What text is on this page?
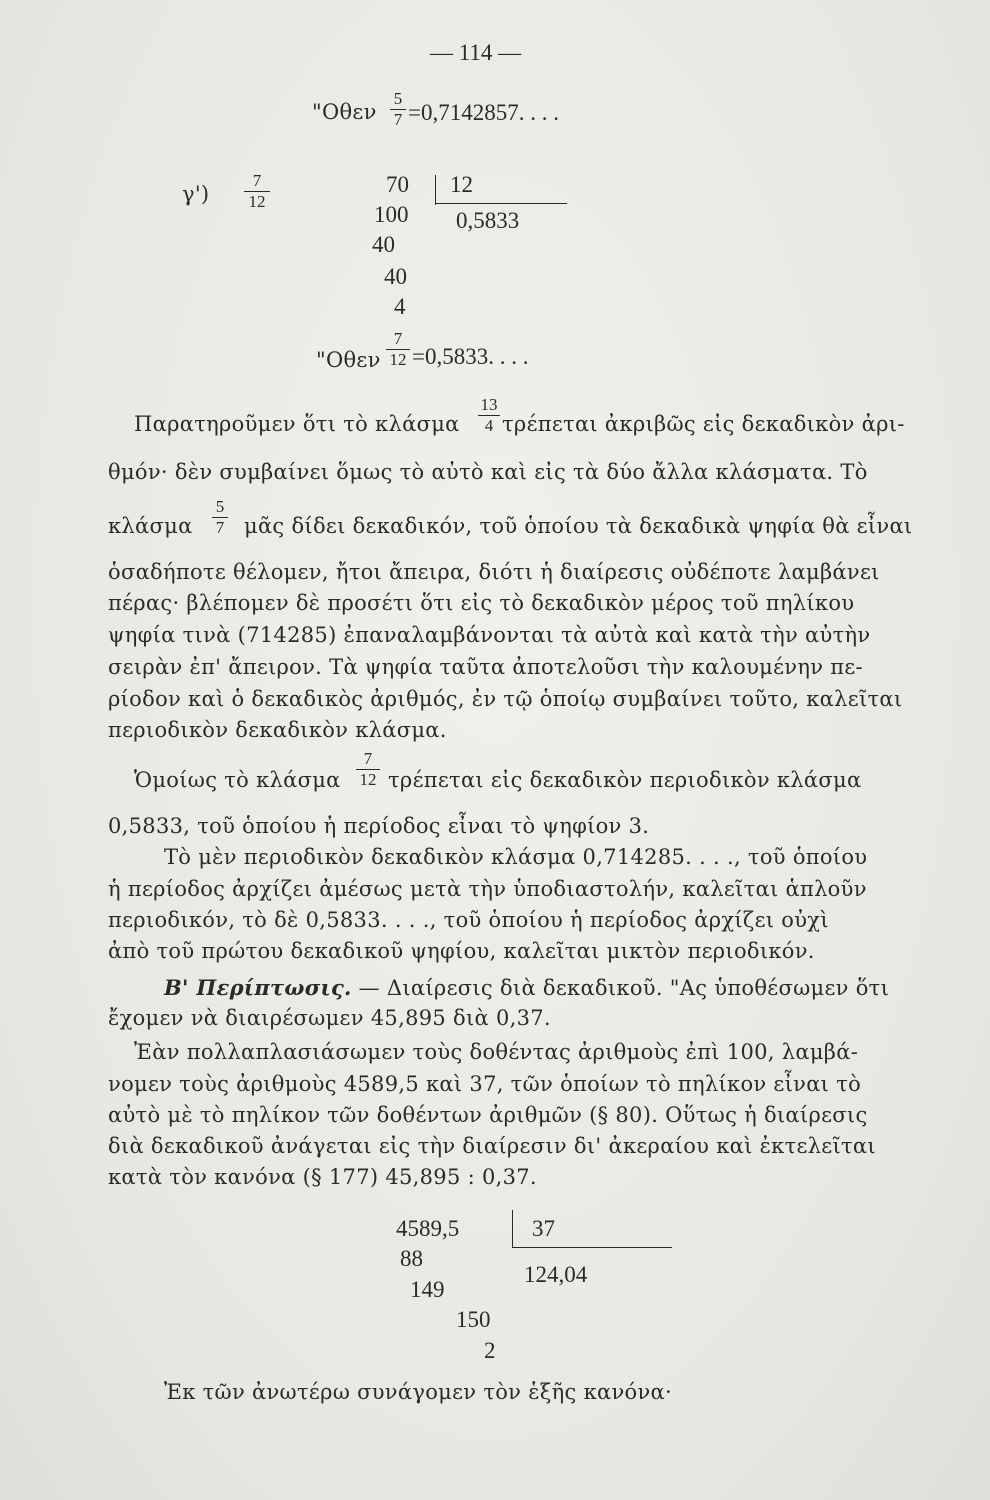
— 114 —
"Οθεν
5
7 =0,7142857. . . .
γ')
7
12
70
100
40
40
4
12
0,5833
"Οθεν
7
12 =0,5833. . . .
Παρατηροῦμεν ὅτι τὸ κλάσμα
13
4 τρέπεται ἀκριβῶς εἰς δεκαδικὸν ἀρι-
θμόν· δὲν συμβαίνει ὅμως τὸ αὐτὸ καὶ εἰς τὰ δύο ἄλλα κλάσματα. Τὸ
κλάσμα
5
7 μᾶς δίδει δεκαδικόν, τοῦ ὁποίου τὰ δεκαδικὰ ψηφία θὰ εἶναι
ὁσαδήποτε θέλομεν, ἤτοι ἄπειρα, διότι ἡ διαίρεσις οὐδέποτε λαμβάνει
πέρας· βλέπομεν δὲ προσέτι ὅτι εἰς τὸ δεκαδικὸν μέρος τοῦ πηλίκου
ψηφία τινὰ (714285) ἐπαναλαμβάνονται τὰ αὐτὰ καὶ κατὰ τὴν αὐτὴν
σειρὰν ἐπ' ἄπειρον. Τὰ ψηφία ταῦτα ἀποτελοῦσι τὴν καλουμένην πε-
ρίοδον καὶ ὁ δεκαδικὸς ἀριθμός, ἐν τῷ ὁποίῳ συμβαίνει τοῦτο, καλεῖται
περιοδικὸν δεκαδικὸν κλάσμα.
Ὁμοίως τὸ κλάσμα
7
12 τρέπεται εἰς δεκαδικὸν περιοδικὸν κλάσμα
0,5833, τοῦ ὁποίου ἡ περίοδος εἶναι τὸ ψηφίον 3.
Τὸ μὲν περιοδικὸν δεκαδικὸν κλάσμα 0,714285. . . ., τοῦ ὁποίου
ἡ περίοδος ἀρχίζει ἀμέσως μετὰ τὴν ὑποδιαστολήν, καλεῖται ἁπλοῦν
περιοδικόν, τὸ δὲ 0,5833. . . ., τοῦ ὁποίου ἡ περίοδος ἀρχίζει οὐχὶ
ἀπὸ τοῦ πρώτου δεκαδικοῦ ψηφίου, καλεῖται μικτὸν περιοδικόν.
Β' Περίπτωσις. — Διαίρεσις διὰ δεκαδικοῦ. "Ας ὑποθέσωμεν ὅτι
ἔχομεν νὰ διαιρέσωμεν 45,895 διὰ 0,37.
Ἐὰν πολλαπλασιάσωμεν τοὺς δοθέντας ἀριθμοὺς ἐπὶ 100, λαμβά-
νομεν τοὺς ἀριθμοὺς 4589,5 καὶ 37, τῶν ὁποίων τὸ πηλίκον εἶναι τὸ
αὐτὸ μὲ τὸ πηλίκον τῶν δοθέντων ἀριθμῶν (§ 80). Οὕτως ἡ διαίρεσις
διὰ δεκαδικοῦ ἀνάγεται εἰς τὴν διαίρεσιν δι' ἀκεραίου καὶ ἐκτελεῖται
κατὰ τὸν κανόνα (§ 177) 45,895 : 0,37.
4589,5
88
149
150
2
37
124,04
Ἐκ τῶν ἀνωτέρω συνάγομεν τὸν ἑξῆς κανόνα·
